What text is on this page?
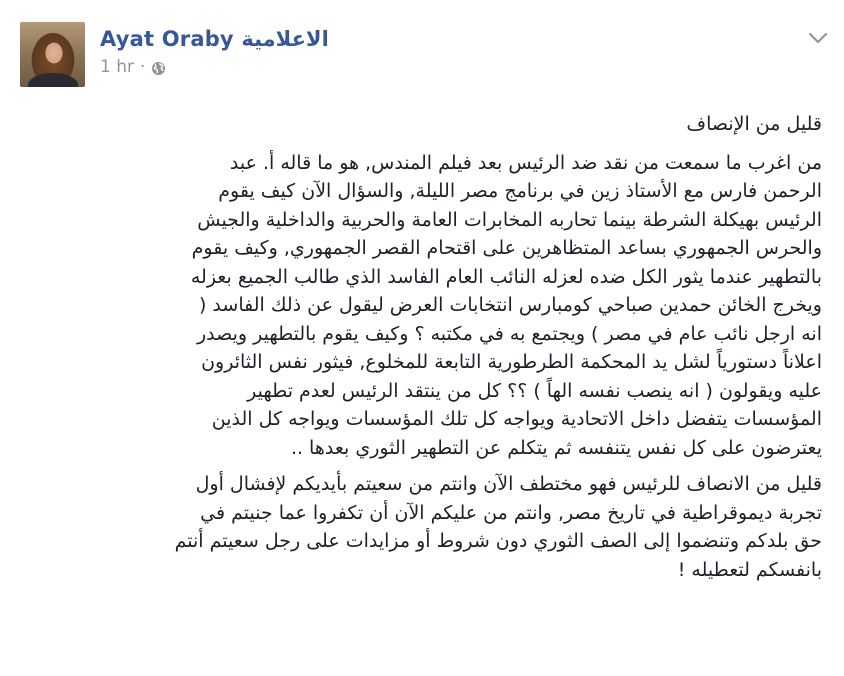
Ayat Oraby الاعلامية
1 hr ·
قليل من الإنصاف
من اغرب ما سمعت من نقد ضد الرئيس بعد فيلم المندس, هو ما قاله أ. عبد
الرحمن فارس مع الأستاذ زين في برنامج مصر الليلة, والسؤال الآن كيف يقوم
الرئيس بهيكلة الشرطة بينما تحاربه المخابرات العامة والحربية والداخلية والجيش
والحرس الجمهوري بساعد المتظاهرين على اقتحام القصر الجمهوري, وكيف يقوم
بالتطهير عندما يثور الكل ضده لعزله النائب العام الفاسد الذي طالب الجميع بعزله
ويخرج الخائن حمدين صباحي كومبارس انتخابات العرض ليقول عن ذلك الفاسد (
انه ارجل نائب عام في مصر ) ويجتمع به في مكتبه ؟ وكيف يقوم بالتطهير ويصدر
اعلاناً دستورياً لشل يد المحكمة الطرطورية التابعة للمخلوع, فيثور نفس الثائرون
عليه ويقولون ( انه ينصب نفسه الهاً ) ؟؟ كل من ينتقد الرئيس لعدم تطهير
المؤسسات يتفضل داخل الاتحادية ويواجه كل تلك المؤسسات ويواجه كل الذين
يعترضون على كل نفس يتنفسه ثم يتكلم عن التطهير الثوري بعدها ..
قليل من الانصاف للرئيس فهو مختطف الآن وانتم من سعيتم بأيديكم لإفشال أول
تجربة ديموقراطية في تاريخ مصر, وانتم من عليكم الآن أن تكفروا عما جنيتم في
حق بلدكم وتنضموا إلى الصف الثوري دون شروط أو مزايدات على رجل سعيتم أنتم
بانفسكم لتعطيله !
